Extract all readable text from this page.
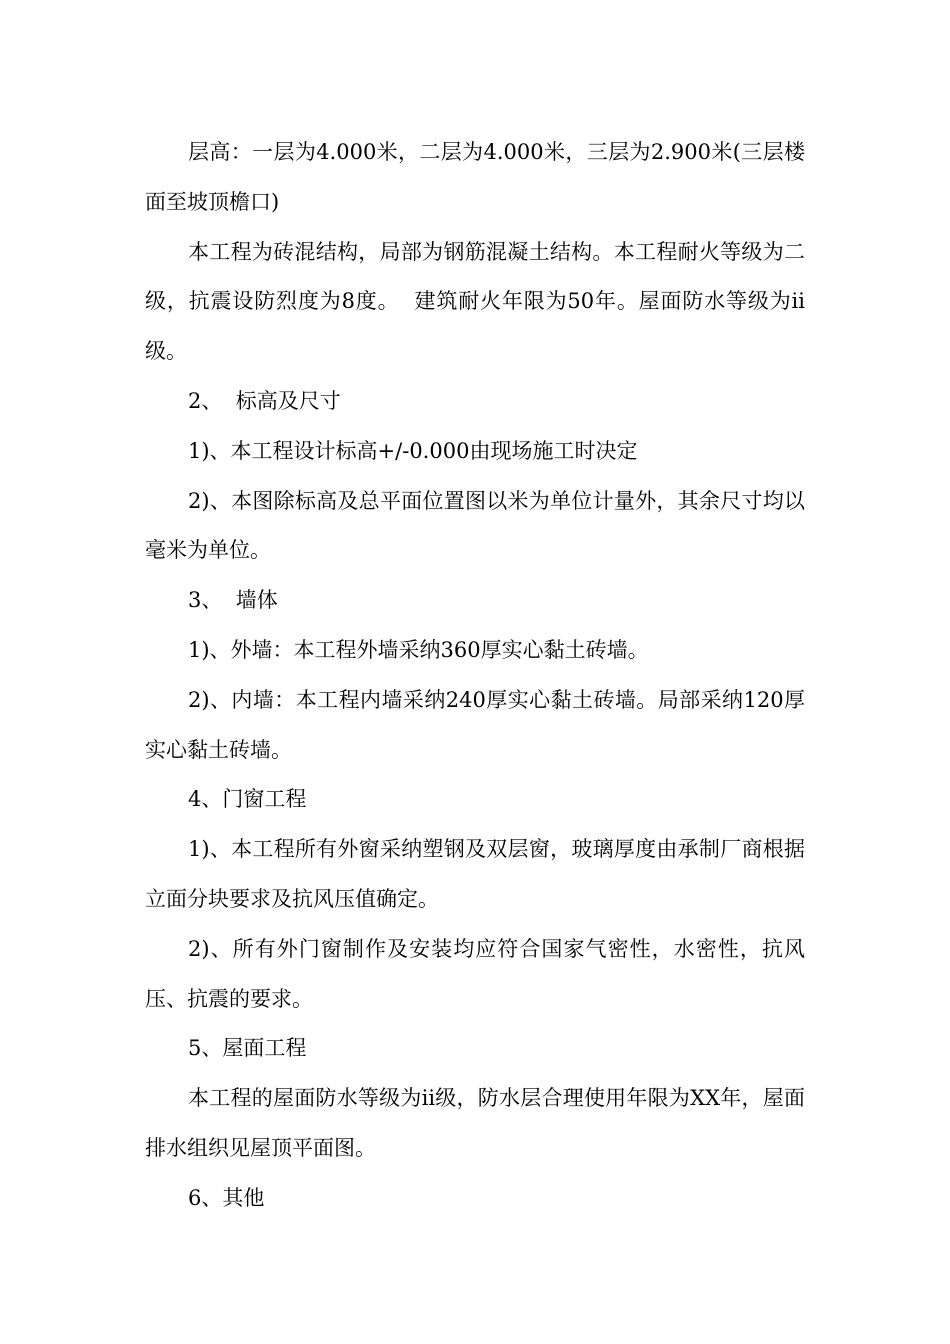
层高：一层为4.000米，二层为4.000米，三层为2.900米(三层楼面至坡顶檐口)

本工程为砖混结构，局部为钢筋混凝土结构。本工程耐火等级为二级，抗震设防烈度为8度。  建筑耐火年限为50年。屋面防水等级为ii级。

2、  标高及尺寸

1)、本工程设计标高+/-0.000由现场施工时决定

2)、本图除标高及总平面位置图以米为单位计量外，其余尺寸均以毫米为单位。

3、  墙体

1)、外墙：本工程外墙采纳360厚实心黏土砖墙。

2)、内墙：本工程内墙采纳240厚实心黏土砖墙。局部采纳120厚实心黏土砖墙。

4、门窗工程

1)、本工程所有外窗采纳塑钢及双层窗，玻璃厚度由承制厂商根据立面分块要求及抗风压值确定。

2)、所有外门窗制作及安装均应符合国家气密性，水密性，抗风压、抗震的要求。

5、屋面工程

本工程的屋面防水等级为ii级，防水层合理使用年限为XX年，屋面排水组织见屋顶平面图。

6、其他
